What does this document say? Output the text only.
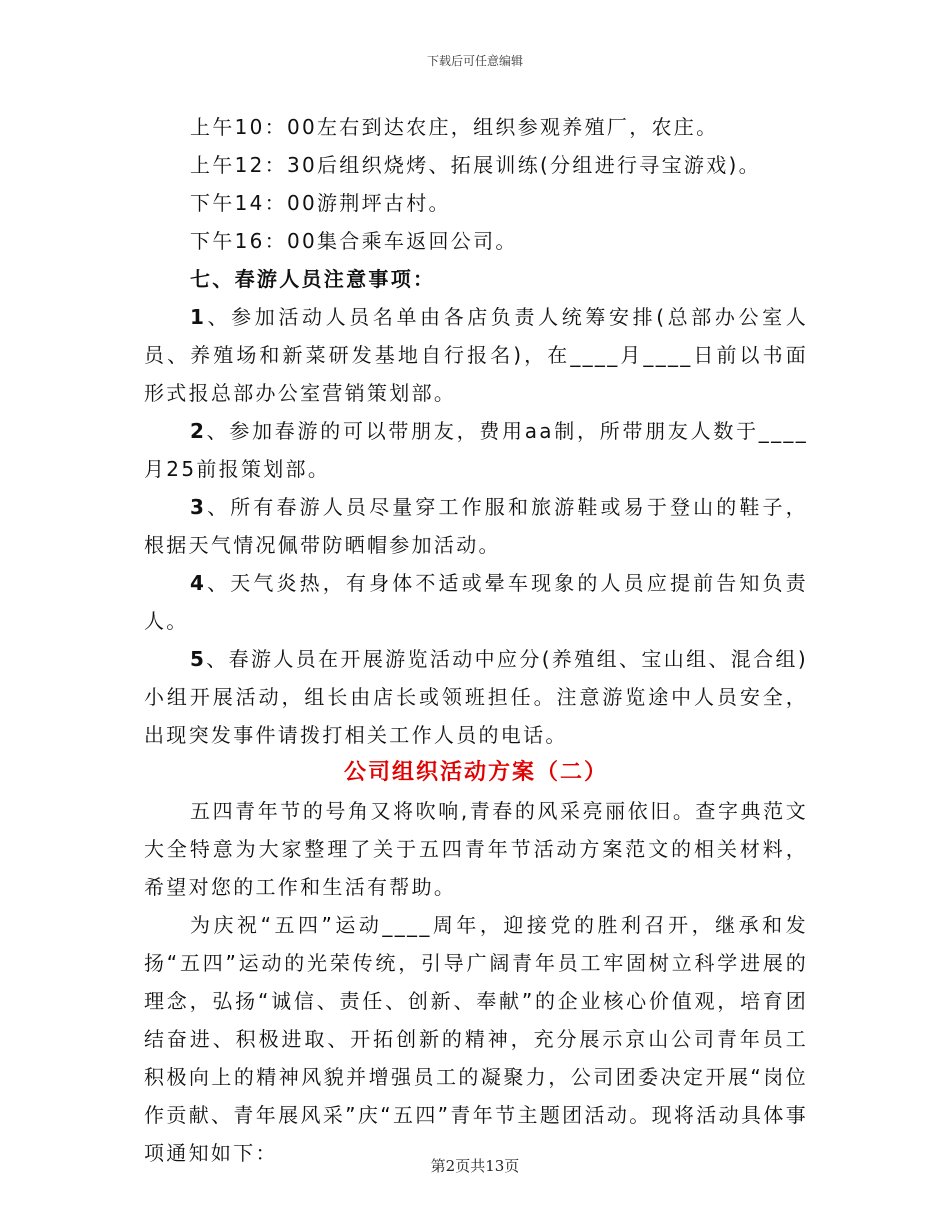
下载后可任意编辑

上午10：00左右到达农庄，组织参观养殖厂，农庄。

上午12：30后组织烧烤、拓展训练(分组进行寻宝游戏)。

下午14：00游荆坪古村。

下午16：00集合乘车返回公司。

七、春游人员注意事项：

1、参加活动人员名单由各店负责人统筹安排(总部办公室人员、养殖场和新菜研发基地自行报名)，在____月____日前以书面形式报总部办公室营销策划部。

2、参加春游的可以带朋友，费用aa制，所带朋友人数于____月25前报策划部。

3、所有春游人员尽量穿工作服和旅游鞋或易于登山的鞋子，根据天气情况佩带防晒帽参加活动。

4、天气炎热，有身体不适或晕车现象的人员应提前告知负责人。

5、春游人员在开展游览活动中应分(养殖组、宝山组、混合组)小组开展活动，组长由店长或领班担任。注意游览途中人员安全，出现突发事件请拨打相关工作人员的电话。

公司组织活动方案（二）

五四青年节的号角又将吹响,青春的风采亮丽依旧。查字典范文大全特意为大家整理了关于五四青年节活动方案范文的相关材料，希望对您的工作和生活有帮助。

为庆祝“五四”运动____周年，迎接党的胜利召开，继承和发扬“五四”运动的光荣传统，引导广阔青年员工牢固树立科学进展的理念，弘扬“诚信、责任、创新、奉献”的企业核心价值观，培育团结奋进、积极进取、开拓创新的精神，充分展示京山公司青年员工积极向上的精神风貌并增强员工的凝聚力，公司团委决定开展“岗位作贡献、青年展风采”庆“五四”青年节主题团活动。现将活动具体事项通知如下：

第2页共13页
